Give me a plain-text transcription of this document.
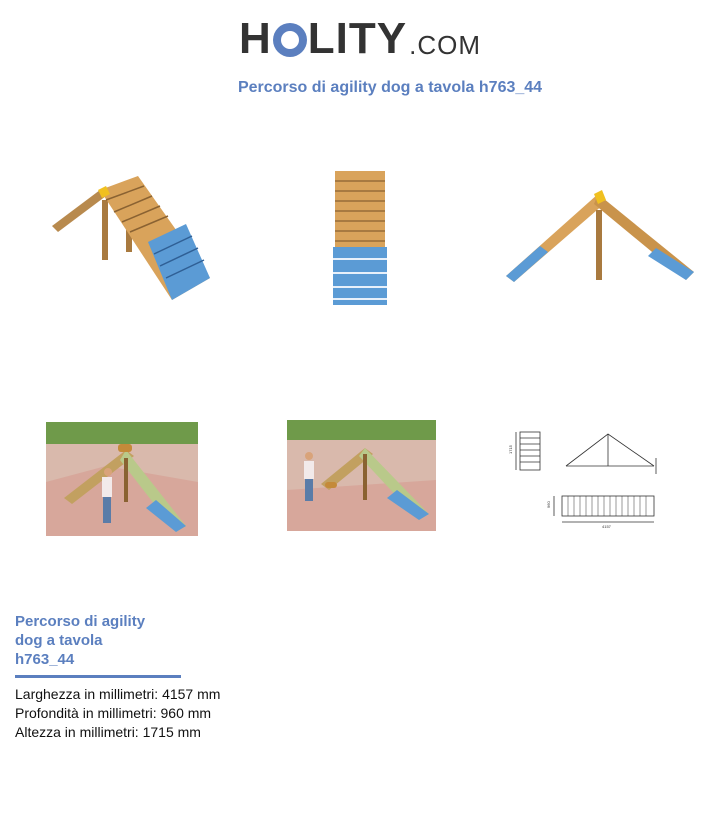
H LITY .COM
Percorso di agility dog a tavola h763_44
1715
4157
960
Percorso di agility
dog a tavola
h763_44
Larghezza in millimetri: 4157 mm
Profondità in millimetri: 960 mm
Altezza in millimetri: 1715 mm
